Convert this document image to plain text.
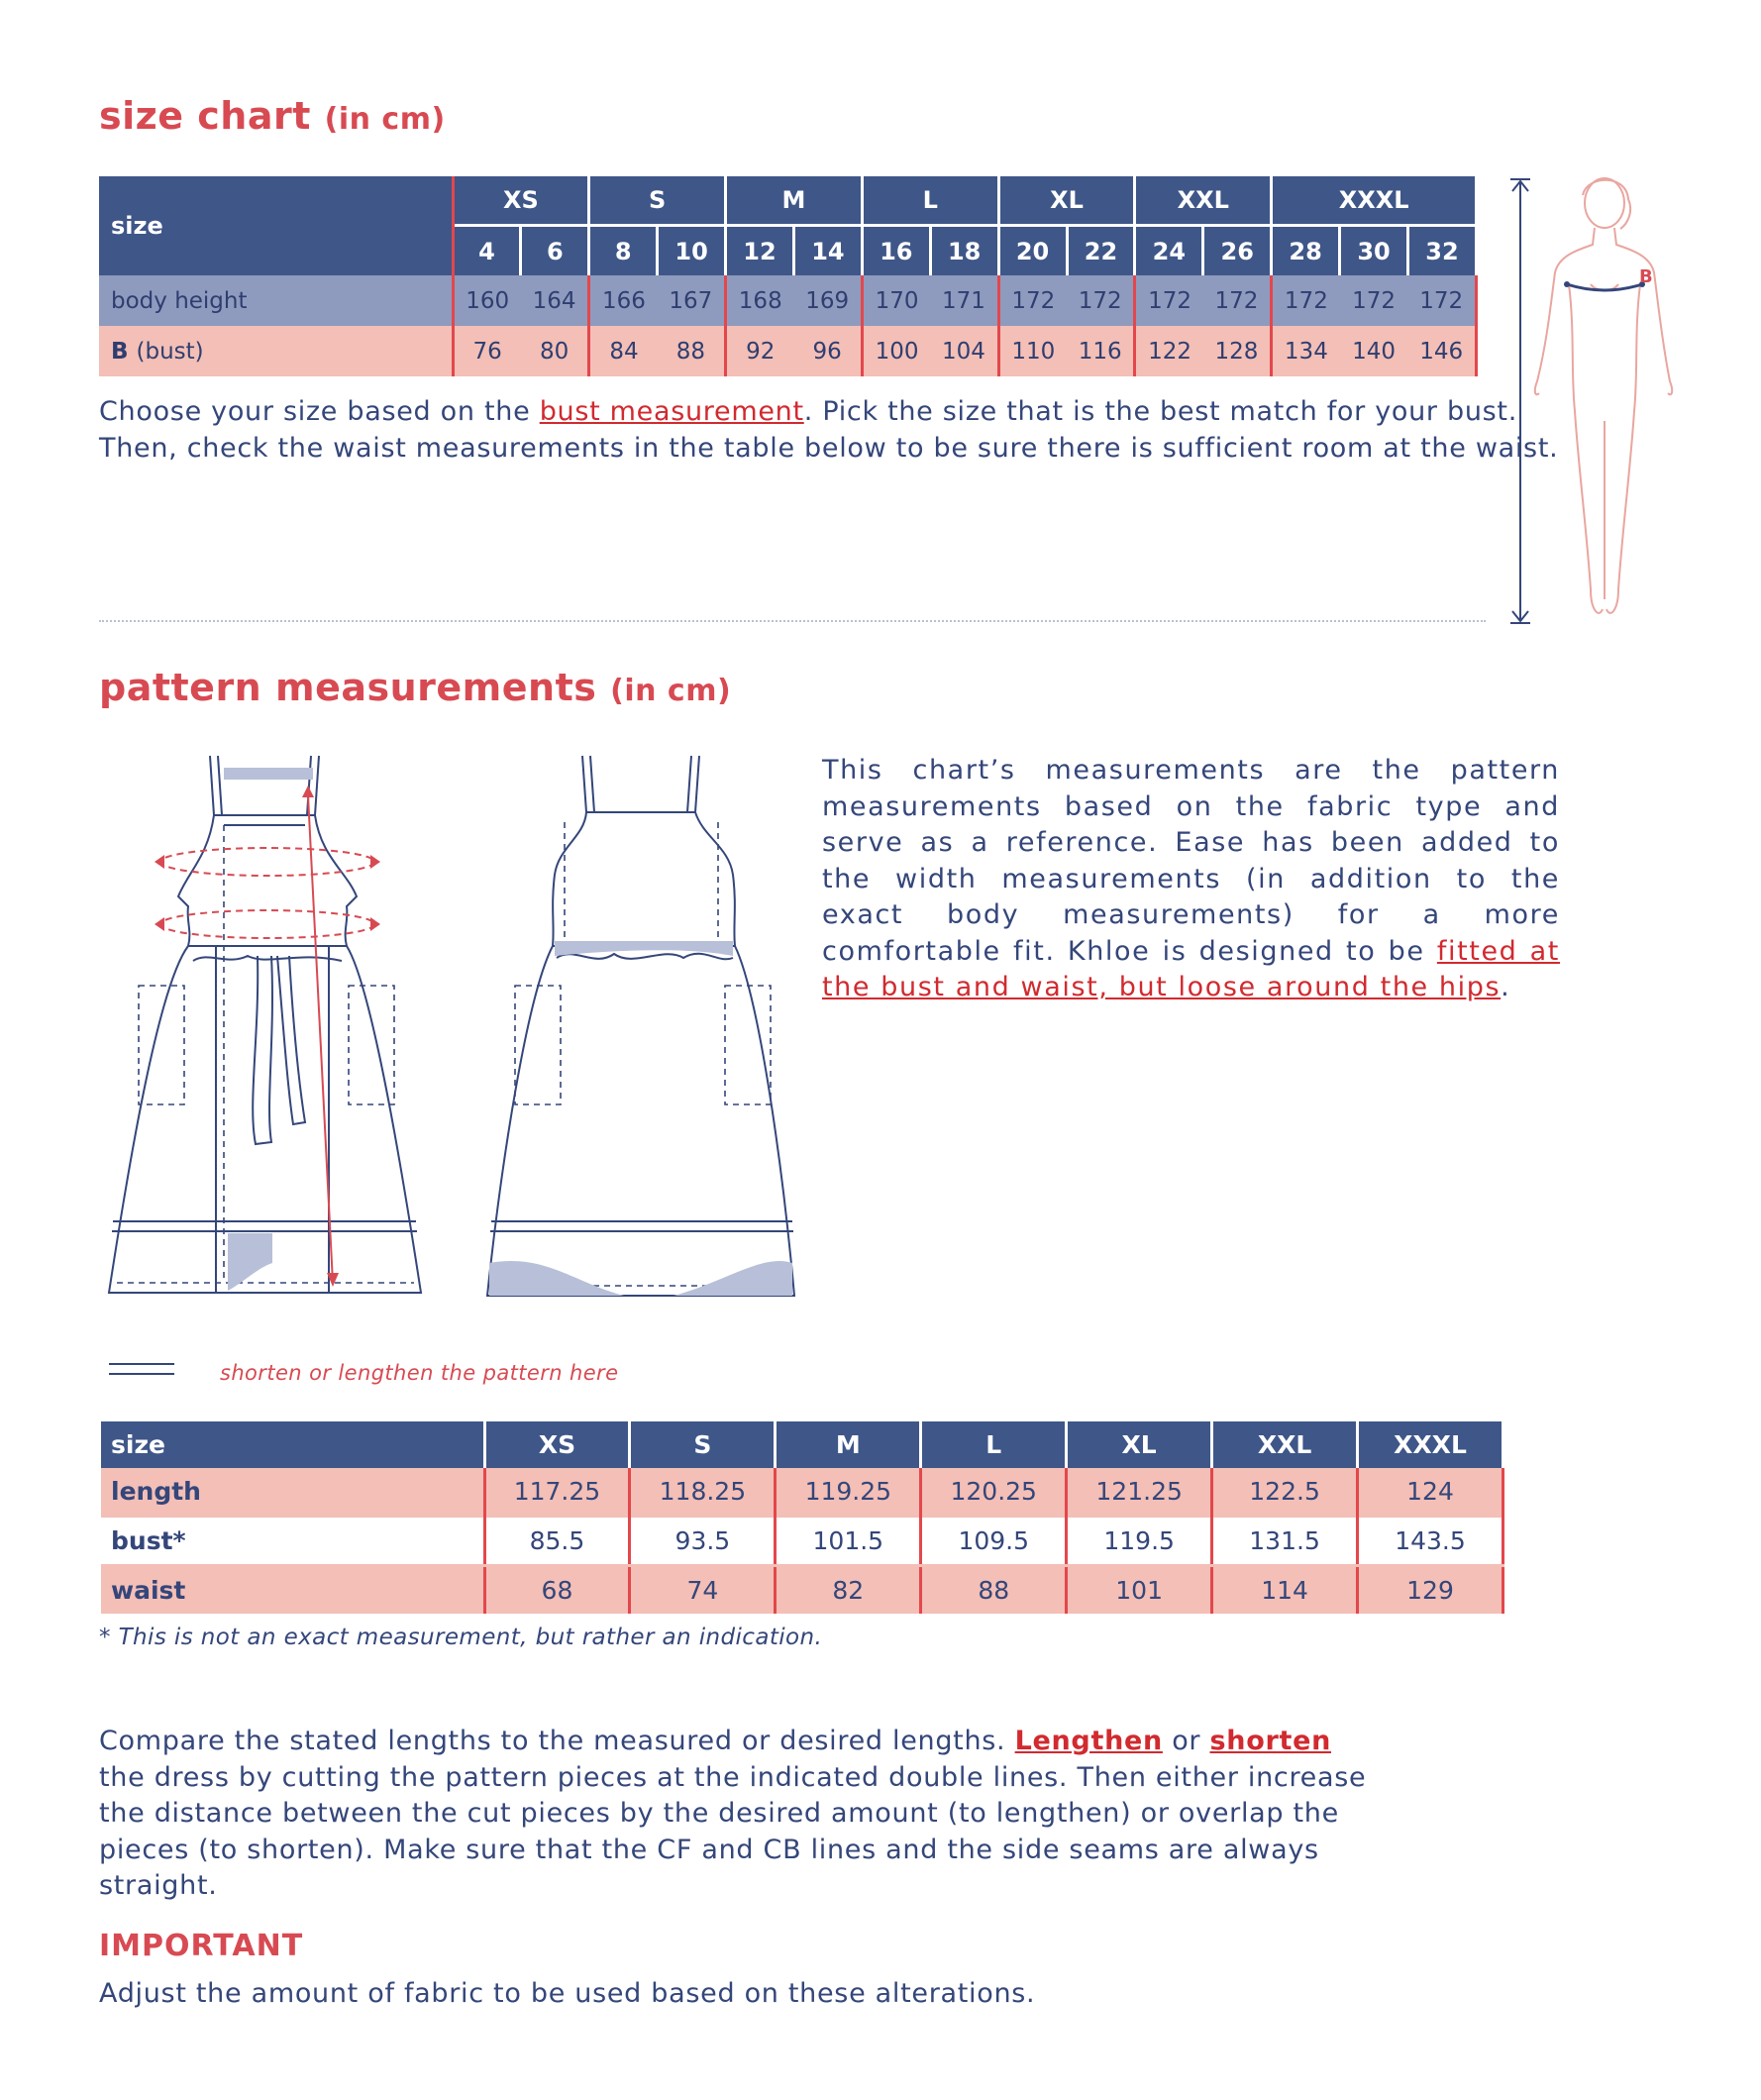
size chart (in cm)
size	XS		S		M		L		XL		XXL		XXXL		
	4	6	8	10	12	14	16	18	20	22	24	26	28	30	32
body height	160	164	166	167	168	169	170	171	172	172	172	172	172	172	172
B (bust)	76	80	84	88	92	96	100	104	110	116	122	128	134	140	146
Choose your size based on the bust measurement. Pick the size that is the best match for your bust.
Then, check the waist measurements in the table below to be sure there is sufficient room at the waist.
B
pattern measurements (in cm)
This chart’s measurements are the pattern measurements based on the fabric type and serve as a reference. Ease has been added to the width measurements (in addition to the exact body measurements) for a more comfortable fit. Khloe is designed to be fitted at the bust and waist, but loose around the hips.
shorten or lengthen the pattern here
size	XS	S	M	L	XL	XXL	XXXL
length	117.25	118.25	119.25	120.25	121.25	122.5	124
bust*	85.5	93.5	101.5	109.5	119.5	131.5	143.5
waist	68	74	82	88	101	114	129
* This is not an exact measurement, but rather an indication.
Compare the stated lengths to the measured or desired lengths. Lengthen or shorten the dress by cutting the pattern pieces at the indicated double lines. Then either increase the distance between the cut pieces by the desired amount (to lengthen) or overlap the pieces (to shorten). Make sure that the CF and CB lines and the side seams are always straight.
IMPORTANT
Adjust the amount of fabric to be used based on these alterations.
